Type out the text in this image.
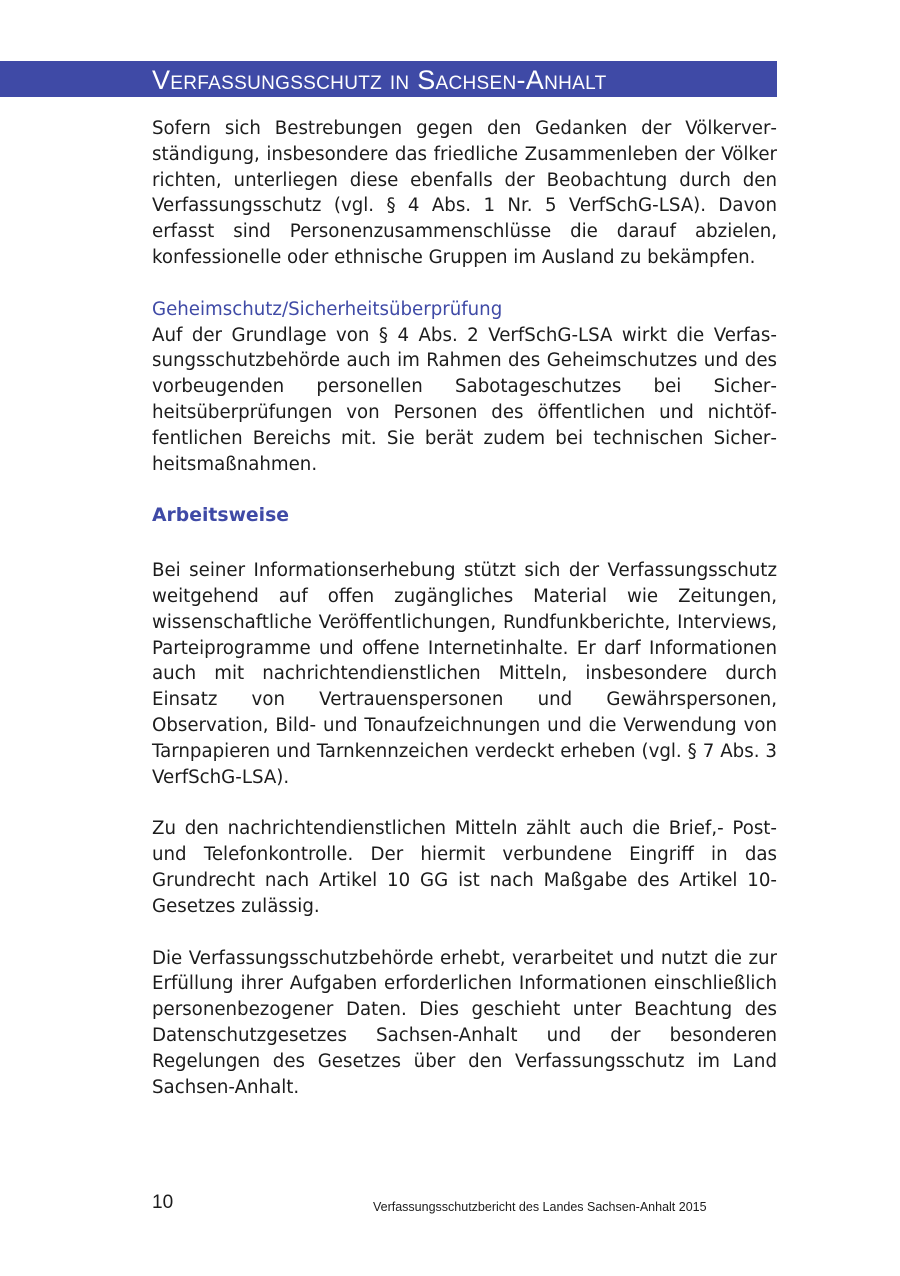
Verfassungsschutz in Sachsen-Anhalt

Sofern sich Bestrebungen gegen den Gedanken der Völkerverständigung, insbesondere das friedliche Zusammenleben der Völker richten, unterliegen diese ebenfalls der Beobachtung durch den Verfassungsschutz (vgl. § 4 Abs. 1 Nr. 5 VerfSchG-LSA). Davon erfasst sind Personenzusammenschlüsse die darauf abzielen, konfessionelle oder ethnische Gruppen im Ausland zu bekämpfen.

Geheimschutz/Sicherheitsüberprüfung

Auf der Grundlage von § 4 Abs. 2 VerfSchG-LSA wirkt die Verfassungsschutzbehörde auch im Rahmen des Geheimschutzes und des vorbeugenden personellen Sabotageschutzes bei Sicherheitsüberprüfungen von Personen des öffentlichen und nichtöffentlichen Bereichs mit. Sie berät zudem bei technischen Sicherheitsmaßnahmen.

Arbeitsweise

Bei seiner Informationserhebung stützt sich der Verfassungsschutz weitgehend auf offen zugängliches Material wie Zeitungen, wissenschaftliche Veröffentlichungen, Rundfunkberichte, Interviews, Parteiprogramme und offene Internetinhalte. Er darf Informationen auch mit nachrichtendienstlichen Mitteln, insbesondere durch Einsatz von Vertrauenspersonen und Gewährspersonen, Observation, Bild- und Tonaufzeichnungen und die Verwendung von Tarnpapieren und Tarnkennzeichen verdeckt erheben (vgl. § 7 Abs. 3 VerfSchG-LSA).

Zu den nachrichtendienstlichen Mitteln zählt auch die Brief,- Post- und Telefonkontrolle. Der hiermit verbundene Eingriff in das Grundrecht nach Artikel 10 GG ist nach Maßgabe des Artikel 10-Gesetzes zulässig.

Die Verfassungsschutzbehörde erhebt, verarbeitet und nutzt die zur Erfüllung ihrer Aufgaben erforderlichen Informationen einschließlich personenbezogener Daten. Dies geschieht unter Beachtung des Datenschutzgesetzes Sachsen-Anhalt und der besonderen Regelungen des Gesetzes über den Verfassungsschutz im Land Sachsen-Anhalt.

10	Verfassungsschutzbericht des Landes Sachsen-Anhalt 2015
